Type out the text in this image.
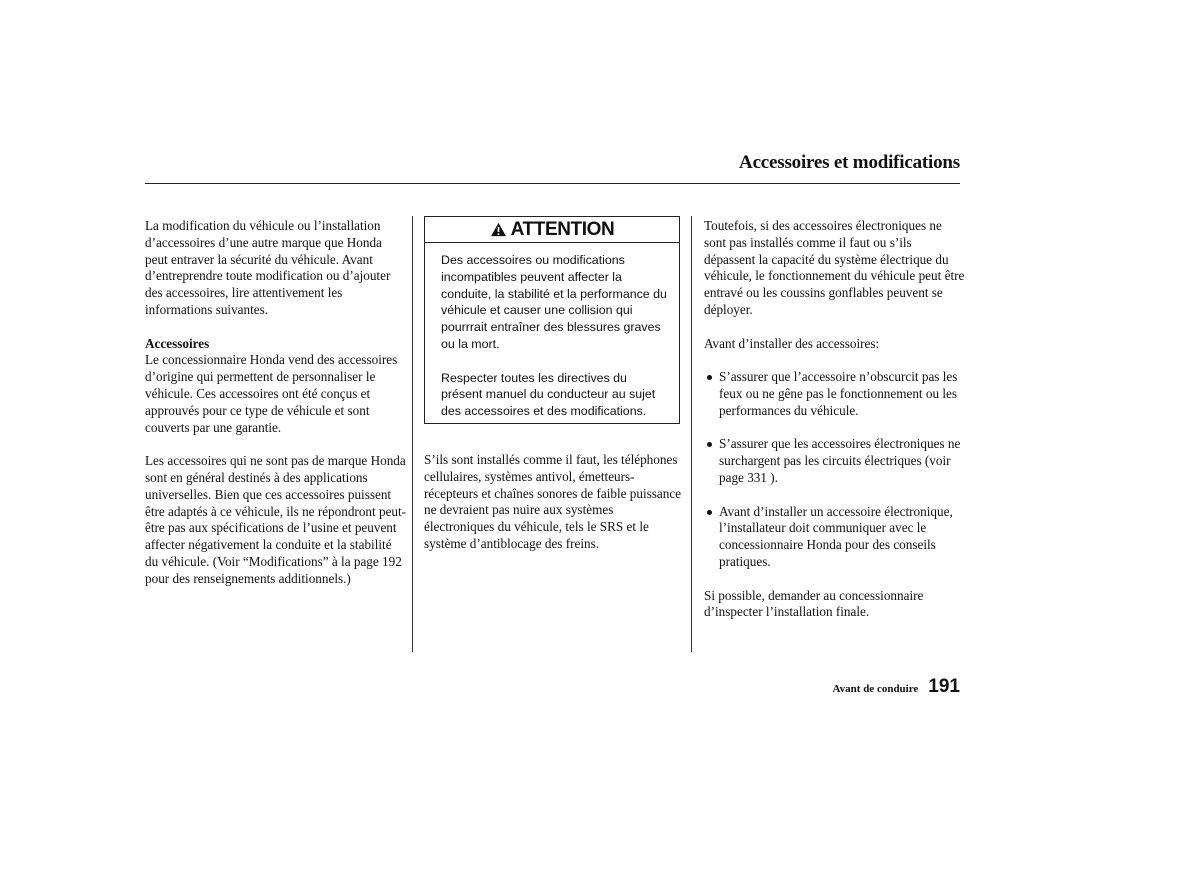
Accessoires et modifications

La modification du véhicule ou l’installation d’accessoires d’une autre marque que Honda peut entraver la sécurité du véhicule. Avant d’entreprendre toute modification ou d’ajouter des accessoires, lire attentivement les informations suivantes.

Accessoires
Le concessionnaire Honda vend des accessoires d’origine qui permettent de personnaliser le véhicule. Ces accessoires ont été conçus et approuvés pour ce type de véhicule et sont couverts par une garantie.

Les accessoires qui ne sont pas de marque Honda sont en général destinés à des applications universelles. Bien que ces accessoires puissent être adaptés à ce véhicule, ils ne répondront peut-être pas aux spécifications de l’usine et peuvent affecter négativement la conduite et la stabilité du véhicule. (Voir “Modifications” à la page 192 pour des renseignements additionnels.)

ATTENTION

Des accessoires ou modifications incompatibles peuvent affecter la conduite, la stabilité et la performance du véhicule et causer une collision qui pourrrait entraîner des blessures graves ou la mort.

Respecter toutes les directives du présent manuel du conducteur au sujet des accessoires et des modifications.

S’ils sont installés comme il faut, les téléphones cellulaires, systèmes antivol, émetteurs-récepteurs et chaînes sonores de faible puissance ne devraient pas nuire aux systèmes électroniques du véhicule, tels le SRS et le système d’antiblocage des freins.

Toutefois, si des accessoires électroniques ne sont pas installés comme il faut ou s’ils dépassent la capacité du système électrique du véhicule, le fonctionnement du véhicule peut être entravé ou les coussins gonflables peuvent se déployer.

Avant d’installer des accessoires:

S’assurer que l’accessoire n’obscurcit pas les feux ou ne gêne pas le fonctionnement ou les performances du véhicule.
S’assurer que les accessoires électroniques ne surchargent pas les circuits électriques (voir page 331 ).
Avant d’installer un accessoire électronique, l’installateur doit communiquer avec le concessionnaire Honda pour des conseils pratiques.

Si possible, demander au concessionnaire d’inspecter l’installation finale.

Avant de conduire 191
